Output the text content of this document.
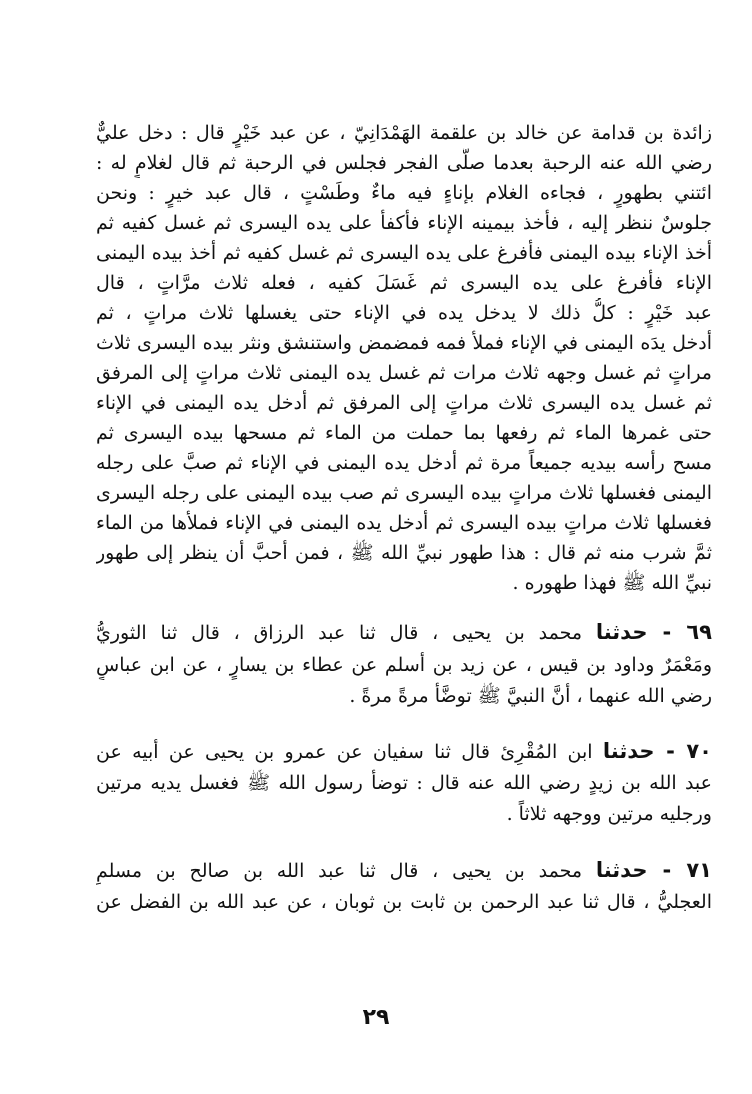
زائدة بن قدامة عن خالد بن علقمة الهَمْدَانِيّ ، عن عبد خَيْرٍ قال : دخل عليٌّ
رضي الله عنه الرحبة بعدما صلَّى الفجر فجلس في الرحبة ثم قال لغلامٍ له :
ائتني بطهورٍ ، فجاءه الغلام بإناءٍ فيه ماءٌ وطَسْتٍ ، قال عبد خيرٍ : ونحن
جلوسٌ ننظر إليه ، فأخذ بيمينه الإناء فأكفأ على يده اليسرى ثم غسل كفيه ثم
أخذ الإناء بيده اليمنى فأفرغ على يده اليسرى ثم غسل كفيه ثم أخذ بيده اليمنى
الإناء فأفرغ على يده اليسرى ثم غَسَلَ كفيه ، فعله ثلاث مرَّاتٍ ، قال
عبد خَيْرٍ : كلُّ ذلك لا يدخل يده في الإناء حتى يغسلها ثلاث مراتٍ ، ثم
أدخل يدَه اليمنى في الإناء فملأ فمه فمضمض واستنشق ونثر بيده اليسرى ثلاث
مراتٍ ثم غسل وجهه ثلاث مرات ثم غسل يده اليمنى ثلاث مراتٍ إلى المرفق
ثم غسل يده اليسرى ثلاث مراتٍ إلى المرفق ثم أدخل يده اليمنى في الإناء
حتى غمرها الماء ثم رفعها بما حملت من الماء ثم مسحها بيده اليسرى ثم
مسح رأسه بيديه جميعاً مرة ثم أدخل يده اليمنى في الإناء ثم صبَّ على رجله
اليمنى فغسلها ثلاث مراتٍ بيده اليسرى ثم صب بيده اليمنى على رجله اليسرى
فغسلها ثلاث مراتٍ بيده اليسرى ثم أدخل يده اليمنى في الإناء فملأها من الماء
ثمَّ شرب منه ثم قال : هذا طهور نبيِّ الله ﷺ ، فمن أحبَّ أن ينظر إلى طهور
نبيِّ الله ﷺ فهذا طهوره .
٦٩ - حدثنا محمد بن يحيى ، قال ثنا عبد الرزاق ، قال ثنا الثوريُّ
ومَعْمَرٌ وداود بن قيس ، عن زيد بن أسلم عن عطاء بن يسارٍ ، عن ابن عباسٍ
رضي الله عنهما ، أنَّ النبيَّ ﷺ توضَّأ مرةً مرةً .
٧٠ - حدثنا ابن المُقْرِئ قال ثنا سفيان عن عمرو بن يحيى عن أبيه عن
عبد الله بن زيدٍ رضي الله عنه قال : توضأ رسول الله ﷺ فغسل يديه مرتين
ورجليه مرتين ووجهه ثلاثاً .
٧١ - حدثنا محمد بن يحيى ، قال ثنا عبد الله بن صالح بن مسلمٍ
العجليُّ ، قال ثنا عبد الرحمن بن ثابت بن ثوبان ، عن عبد الله بن الفضل عن
٢٩
